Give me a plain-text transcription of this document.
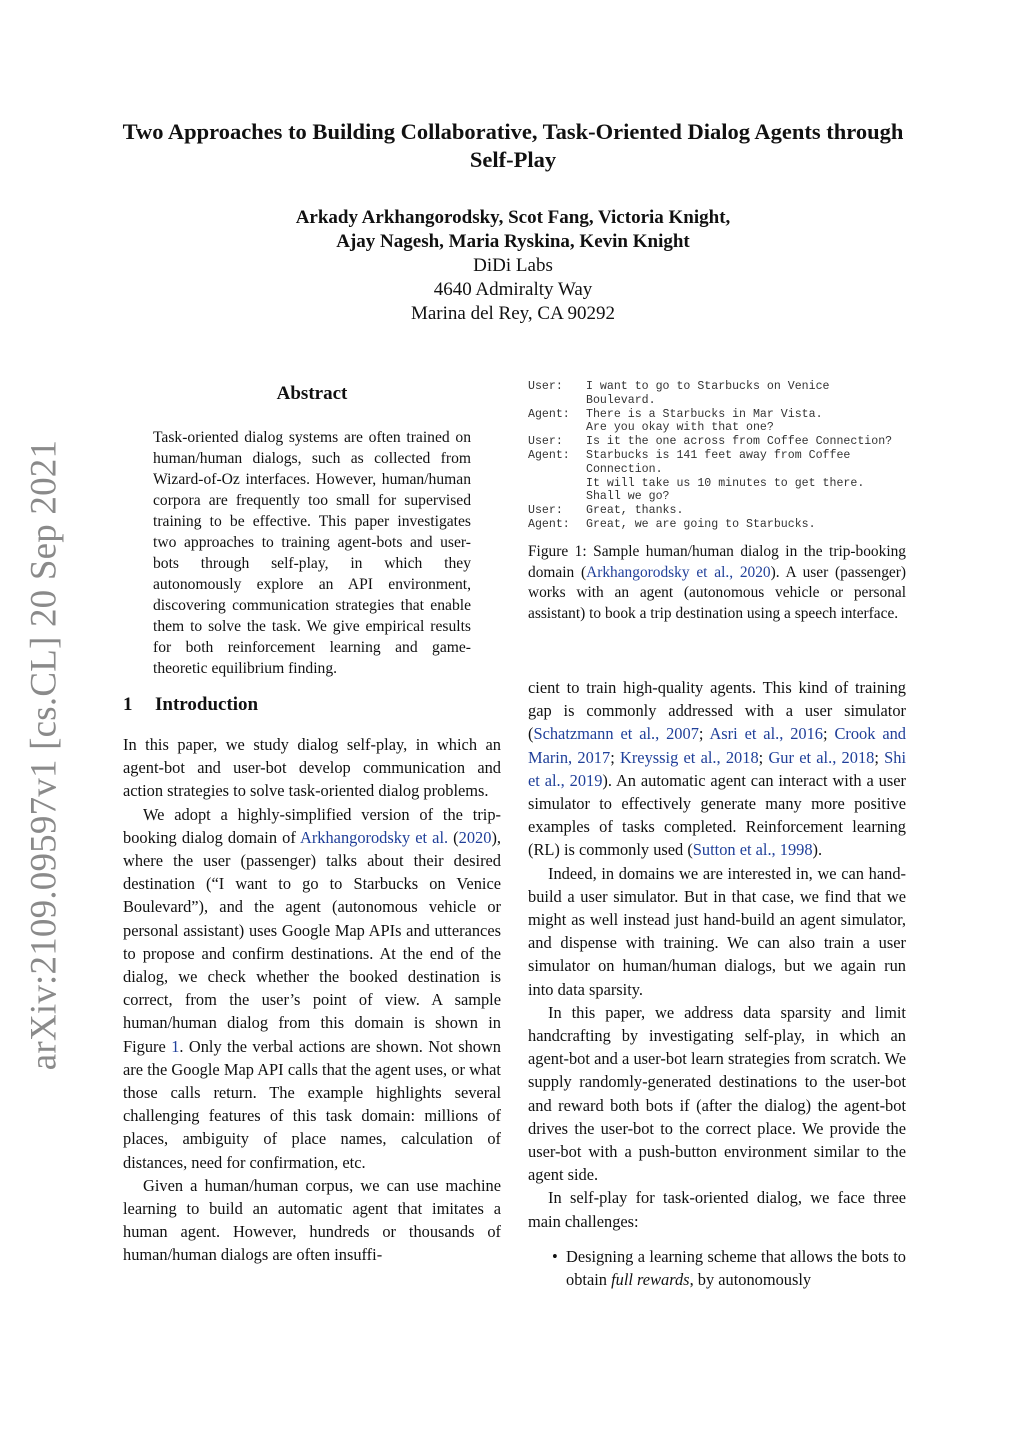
arXiv:2109.09597v1 [cs.CL] 20 Sep 2021
Two Approaches to Building Collaborative, Task-Oriented Dialog Agents through Self-Play
Arkady Arkhangorodsky, Scot Fang, Victoria Knight,
Ajay Nagesh, Maria Ryskina, Kevin Knight
DiDi Labs
4640 Admiralty Way
Marina del Rey, CA 90292
Abstract
Task-oriented dialog systems are often trained on human/human dialogs, such as collected from Wizard-of-Oz interfaces. However, human/human corpora are frequently too small for supervised training to be effective. This paper investigates two approaches to training agent-bots and user-bots through self-play, in which they autonomously explore an API environment, discovering communication strategies that enable them to solve the task. We give empirical results for both reinforcement learning and game-theoretic equilibrium finding.
1 Introduction

In this paper, we study dialog self-play, in which an agent-bot and user-bot develop communication and action strategies to solve task-oriented dialog problems.

We adopt a highly-simplified version of the trip-booking dialog domain of Arkhangorodsky et al. (2020), where the user (passenger) talks about their desired destination (“I want to go to Starbucks on Venice Boulevard”), and the agent (autonomous vehicle or personal assistant) uses Google Map APIs and utterances to propose and confirm destinations. At the end of the dialog, we check whether the booked destination is correct, from the user’s point of view. A sample human/human dialog from this domain is shown in Figure 1. Only the verbal actions are shown. Not shown are the Google Map API calls that the agent uses, or what those calls return. The example highlights several challenging features of this task domain: millions of places, ambiguity of place names, calculation of distances, need for confirmation, etc.

Given a human/human corpus, we can use machine learning to build an automatic agent that imitates a human agent. However, hundreds or thousands of human/human dialogs are often insuffi-

User:	I want to go to Starbucks on Venice
Boulevard.
Agent:	There is a Starbucks in Mar Vista.
Are you okay with that one?
User:	Is it the one across from Coffee Connection?
Agent:	Starbucks is 141 feet away from Coffee
Connection.
It will take us 10 minutes to get there.
Shall we go?
User:	Great, thanks.
Agent:	Great, we are going to Starbucks.
Figure 1: Sample human/human dialog in the trip-booking domain (Arkhangorodsky et al., 2020). A user (passenger) works with an agent (autonomous vehicle or personal assistant) to book a trip destination using a speech interface.

cient to train high-quality agents. This kind of training gap is commonly addressed with a user simulator (Schatzmann et al., 2007; Asri et al., 2016; Crook and Marin, 2017; Kreyssig et al., 2018; Gur et al., 2018; Shi et al., 2019). An automatic agent can interact with a user simulator to effectively generate many more positive examples of tasks completed. Reinforcement learning (RL) is commonly used (Sutton et al., 1998).

Indeed, in domains we are interested in, we can hand-build a user simulator. But in that case, we find that we might as well instead just hand-build an agent simulator, and dispense with training. We can also train a user simulator on human/human dialogs, but we again run into data sparsity.

In this paper, we address data sparsity and limit handcrafting by investigating self-play, in which an agent-bot and a user-bot learn strategies from scratch. We supply randomly-generated destinations to the user-bot and reward both bots if (after the dialog) the agent-bot drives the user-bot to the correct place. We provide the user-bot with a push-button environment similar to the agent side.

In self-play for task-oriented dialog, we face three main challenges:

• Designing a learning scheme that allows the bots to obtain full rewards, by autonomously
